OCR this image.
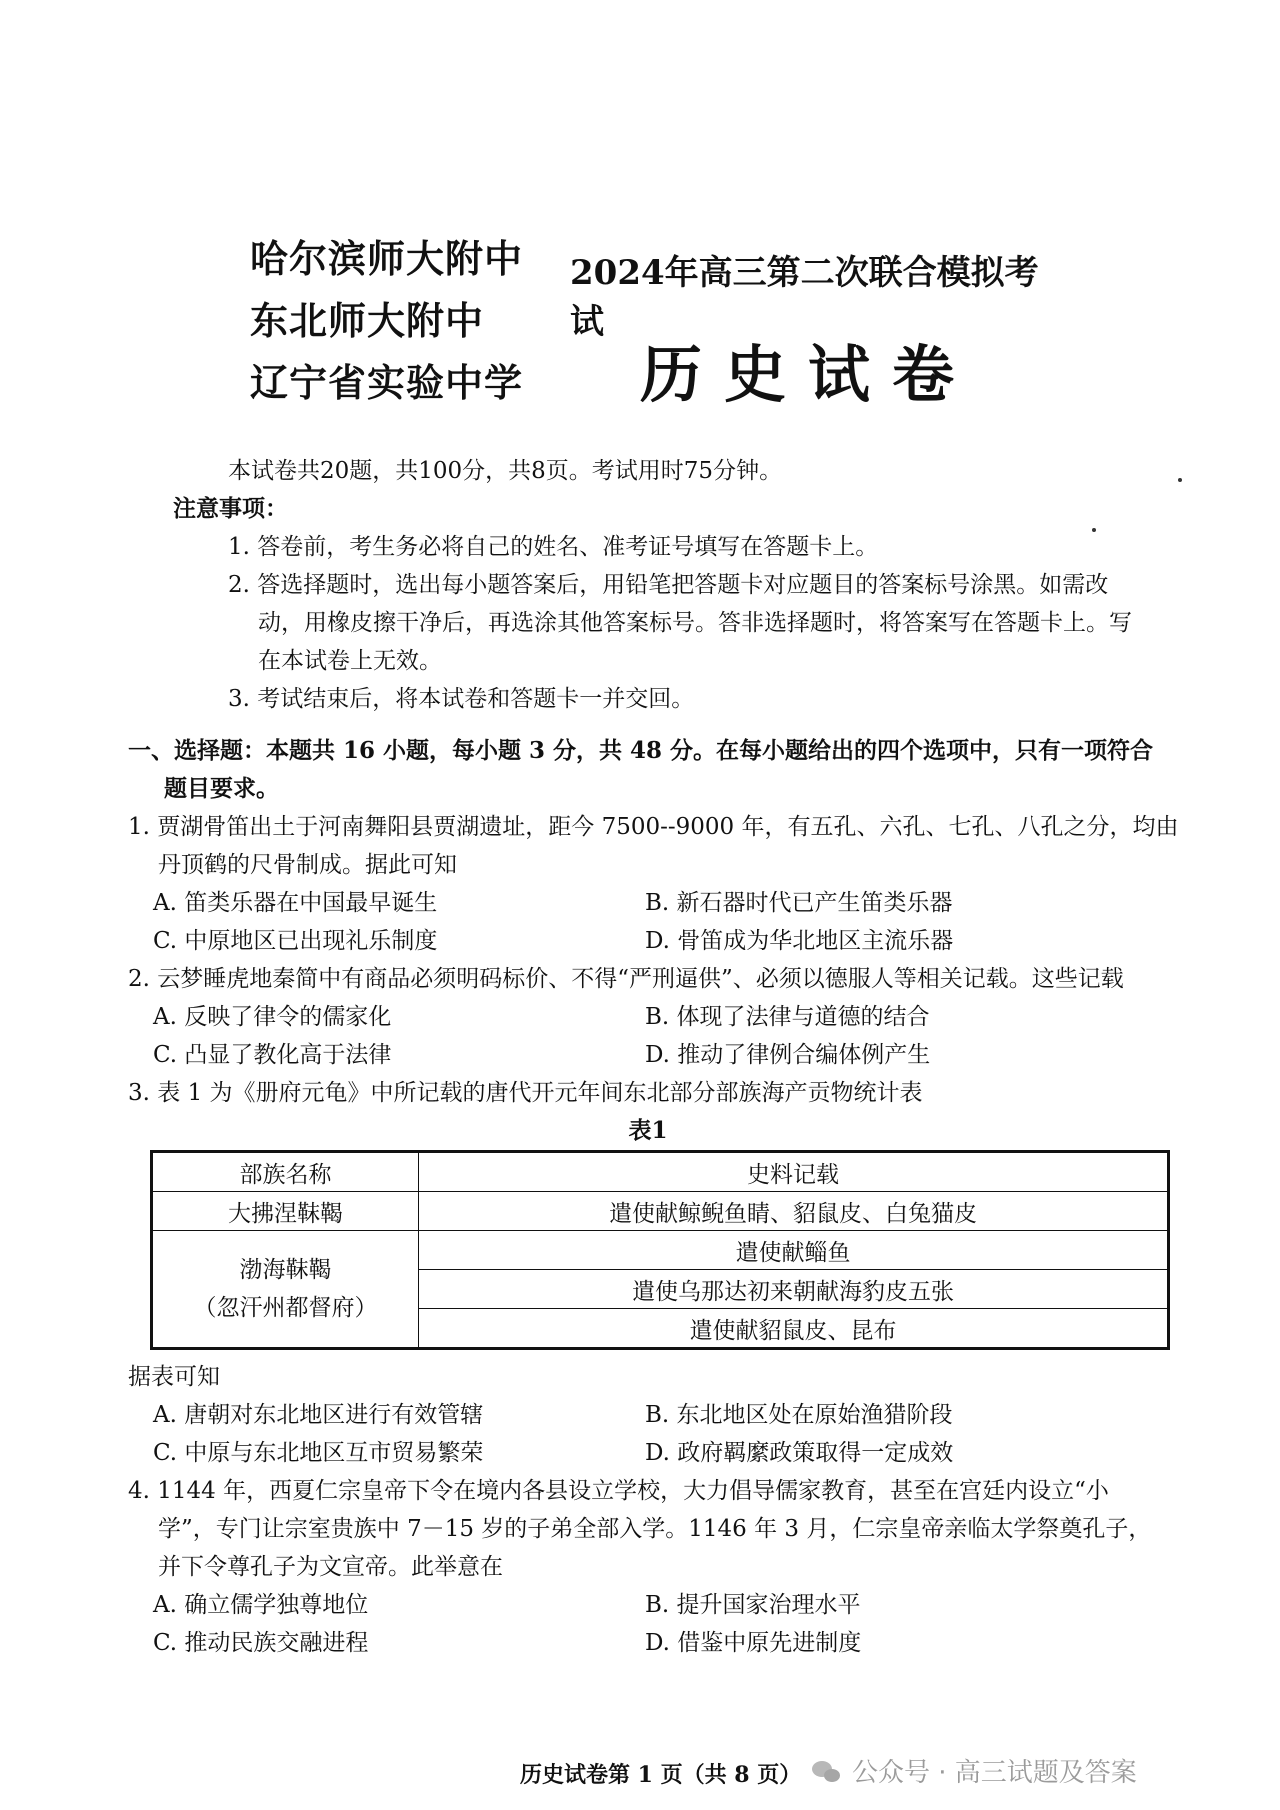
哈尔滨师大附中
东北师大附中
辽宁省实验中学
2024年高三第二次联合模拟考试
历史试卷
本试卷共20题，共100分，共8页。考试用时75分钟。
注意事项：
1. 答卷前，考生务必将自己的姓名、准考证号填写在答题卡上。
2. 答选择题时，选出每小题答案后，用铅笔把答题卡对应题目的答案标号涂黑。如需改
动，用橡皮擦干净后，再选涂其他答案标号。答非选择题时，将答案写在答题卡上。写
在本试卷上无效。
3. 考试结束后，将本试卷和答题卡一并交回。
一、选择题：本题共 16 小题，每小题 3 分，共 48 分。在每小题给出的四个选项中，只有一项符合
题目要求。
1. 贾湖骨笛出土于河南舞阳县贾湖遗址，距今 7500--9000 年，有五孔、六孔、七孔、八孔之分，均由
丹顶鹤的尺骨制成。据此可知
A. 笛类乐器在中国最早诞生	B. 新石器时代已产生笛类乐器
C. 中原地区已出现礼乐制度	D. 骨笛成为华北地区主流乐器
2. 云梦睡虎地秦简中有商品必须明码标价、不得“严刑逼供”、必须以德服人等相关记载。这些记载
A. 反映了律令的儒家化	B. 体现了法律与道德的结合
C. 凸显了教化高于法律	D. 推动了律例合编体例产生
3. 表 1 为《册府元龟》中所记载的唐代开元年间东北部分部族海产贡物统计表
表1
部族名称	史料记载
大拂涅靺鞨	遣使献鲸鲵鱼睛、貂鼠皮、白兔猫皮

渤海靺鞨
（忽汗州都督府）	遣使献鲻鱼
	遣使乌那达初来朝献海豹皮五张
	遣使献貂鼠皮、昆布
据表可知
A. 唐朝对东北地区进行有效管辖	B. 东北地区处在原始渔猎阶段
C. 中原与东北地区互市贸易繁荣	D. 政府羁縻政策取得一定成效
4. 1144 年，西夏仁宗皇帝下令在境内各县设立学校，大力倡导儒家教育，甚至在宫廷内设立“小
学”，专门让宗室贵族中 7－15 岁的子弟全部入学。1146 年 3 月，仁宗皇帝亲临太学祭奠孔子，
并下令尊孔子为文宣帝。此举意在
A. 确立儒学独尊地位	B. 提升国家治理水平
C. 推动民族交融进程	D. 借鉴中原先进制度
历史试卷第 1 页（共 8 页） 公众号 · 高三试题及答案
